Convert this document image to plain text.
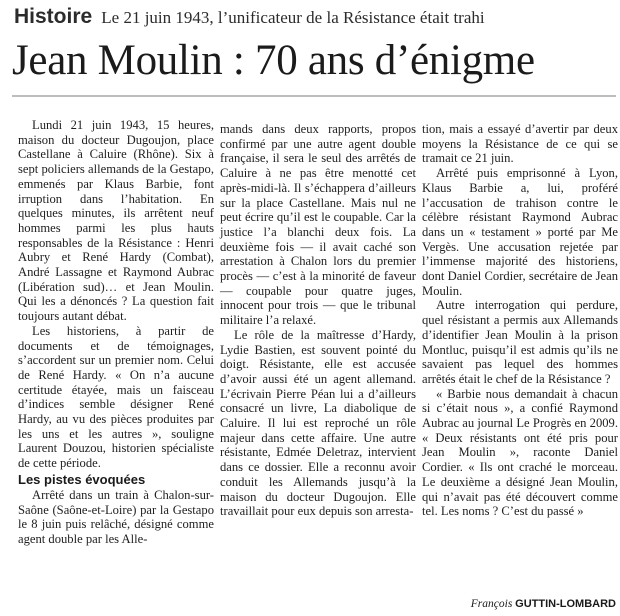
Histoire Le 21 juin 1943, l’unificateur de la Résistance était trahi
Jean Moulin : 70 ans d’énigme

Lundi 21 juin 1943, 15 heures, maison du docteur Dugoujon, place Castellane à Caluire (Rhône). Six à sept policiers allemands de la Gestapo, emmenés par Klaus Barbie, font irruption dans l’habitation. En quelques minutes, ils arrêtent neuf hommes parmi les plus hauts responsables de la Résistance : Henri Aubry et René Hardy (Combat), André Lassagne et Raymond Aubrac (Libération sud)… et Jean Moulin. Qui les a dénoncés ? La question fait toujours autant débat.

Les historiens, à partir de documents et de témoignages, s’accordent sur un premier nom. Celui de René Hardy. « On n’a aucune certitude étayée, mais un faisceau d’indices semble désigner René Hardy, au vu des pièces produites par les uns et les autres », souligne Laurent Douzou, historien spécialiste de cette période.

Les pistes évoquées

Arrêté dans un train à Chalon-sur-Saône (Saône-et-Loire) par la Gestapo le 8 juin puis relâché, désigné comme agent double par les Alle-

mands dans deux rapports, propos confirmé par une autre agent double française, il sera le seul des arrêtés de Caluire à ne pas être menotté cet après-midi-là. Il s’échappera d’ailleurs sur la place Castellane. Mais nul ne peut écrire qu’il est le coupable. Car la justice l’a blanchi deux fois. La deuxième fois — il avait caché son arrestation à Chalon lors du premier procès — c’est à la minorité de faveur — coupable pour quatre juges, innocent pour trois — que le tribunal militaire l’a relaxé.

Le rôle de la maîtresse d’Hardy, Lydie Bastien, est souvent pointé du doigt. Résistante, elle est accusée d’avoir aussi été un agent allemand. L’écrivain Pierre Péan lui a d’ailleurs consacré un livre, La diabolique de Caluire. Il lui est reproché un rôle majeur dans cette affaire. Une autre résistante, Edmée Deletraz, intervient dans ce dossier. Elle a reconnu avoir conduit les Allemands jusqu’à la maison du docteur Dugoujon. Elle travaillait pour eux depuis son arresta-

tion, mais a essayé d’avertir par deux moyens la Résistance de ce qui se tramait ce 21 juin.

Arrêté puis emprisonné à Lyon, Klaus Barbie a, lui, proféré l’accusation de trahison contre le célèbre résistant Raymond Aubrac dans un « testament » porté par Me Vergès. Une accusation rejetée par l’immense majorité des historiens, dont Daniel Cordier, secrétaire de Jean Moulin.

Autre interrogation qui perdure, quel résistant a permis aux Allemands d’identifier Jean Moulin à la prison Montluc, puisqu’il est admis qu’ils ne savaient pas lequel des hommes arrêtés était le chef de la Résistance ?

« Barbie nous demandait à chacun si c’était nous », a confié Raymond Aubrac au journal Le Progrès en 2009. « Deux résistants ont été pris pour Jean Moulin », raconte Daniel Cordier. « Ils ont craché le morceau. Le deuxième a désigné Jean Moulin, qui n’avait pas été découvert comme tel. Les noms ? C’est du passé »

François GUTTIN-LOMBARD
